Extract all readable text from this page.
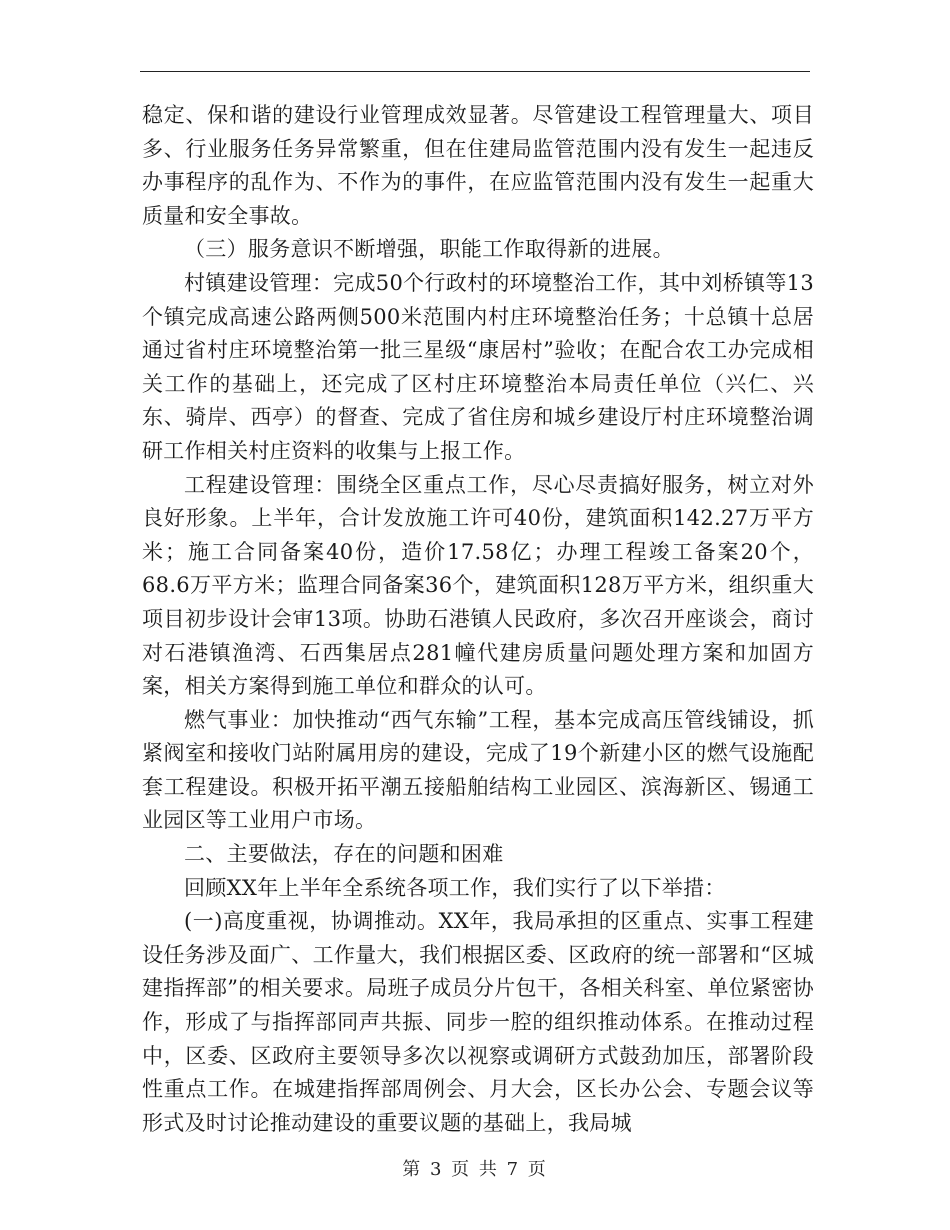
稳定、保和谐的建设行业管理成效显著。尽管建设工程管理量大、项目多、行业服务任务异常繁重，但在住建局监管范围内没有发生一起违反办事程序的乱作为、不作为的事件，在应监管范围内没有发生一起重大质量和安全事故。

（三）服务意识不断增强，职能工作取得新的进展。

村镇建设管理：完成50个行政村的环境整治工作，其中刘桥镇等13个镇完成高速公路两侧500米范围内村庄环境整治任务；十总镇十总居通过省村庄环境整治第一批三星级“康居村”验收；在配合农工办完成相关工作的基础上，还完成了区村庄环境整治本局责任单位（兴仁、兴东、骑岸、西亭）的督查、完成了省住房和城乡建设厅村庄环境整治调研工作相关村庄资料的收集与上报工作。

工程建设管理：围绕全区重点工作，尽心尽责搞好服务，树立对外良好形象。上半年，合计发放施工许可40份，建筑面积142.27万平方米；施工合同备案40份，造价17.58亿；办理工程竣工备案20个，68.6万平方米；监理合同备案36个，建筑面积128万平方米，组织重大项目初步设计会审13项。协助石港镇人民政府，多次召开座谈会，商讨对石港镇渔湾、石西集居点281幢代建房质量问题处理方案和加固方案，相关方案得到施工单位和群众的认可。

燃气事业：加快推动“西气东输”工程，基本完成高压管线铺设，抓紧阀室和接收门站附属用房的建设，完成了19个新建小区的燃气设施配套工程建设。积极开拓平潮五接船舶结构工业园区、滨海新区、锡通工业园区等工业用户市场。

二、主要做法，存在的问题和困难

回顾XX年上半年全系统各项工作，我们实行了以下举措：

(一)高度重视，协调推动。XX年，我局承担的区重点、实事工程建设任务涉及面广、工作量大，我们根据区委、区政府的统一部署和“区城建指挥部”的相关要求。局班子成员分片包干，各相关科室、单位紧密协作，形成了与指挥部同声共振、同步一腔的组织推动体系。在推动过程中，区委、区政府主要领导多次以视察或调研方式鼓劲加压，部署阶段性重点工作。在城建指挥部周例会、月大会，区长办公会、专题会议等形式及时讨论推动建设的重要议题的基础上，我局城

第 3 页 共 7 页
